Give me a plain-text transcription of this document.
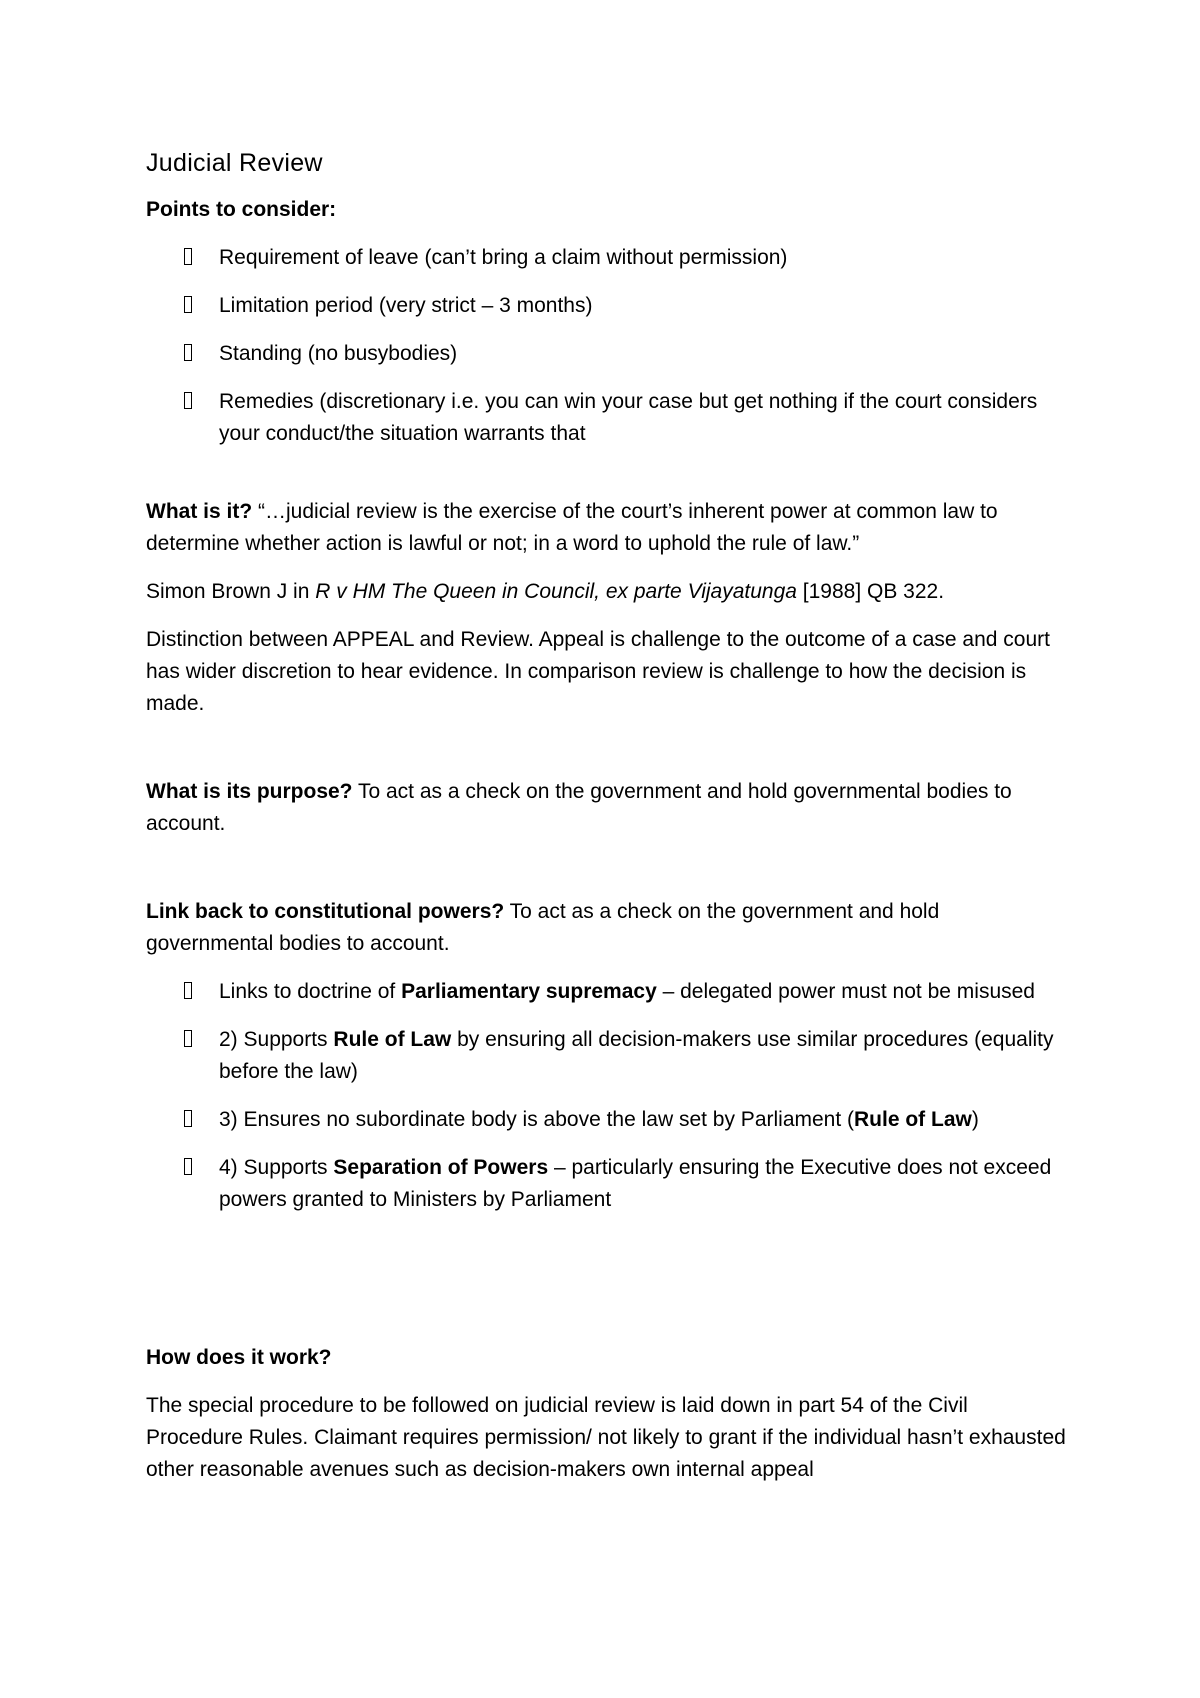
Judicial Review

Points to consider:

Requirement of leave (can’t bring a claim without permission)
Limitation period (very strict – 3 months)
Standing (no busybodies)
Remedies (discretionary i.e. you can win your case but get nothing if the court considers your conduct/the situation warrants that

What is it? “…judicial review is the exercise of the court’s inherent power at common law to determine whether action is lawful or not; in a word to uphold the rule of law.”

Simon Brown J in R v HM The Queen in Council, ex parte Vijayatunga [1988] QB 322.

Distinction between APPEAL and Review. Appeal is challenge to the outcome of a case and court has wider discretion to hear evidence. In comparison review is challenge to how the decision is made.

What is its purpose? To act as a check on the government and hold governmental bodies to account.

Link back to constitutional powers? To act as a check on the government and hold governmental bodies to account.

Links to doctrine of Parliamentary supremacy – delegated power must not be misused
2) Supports Rule of Law by ensuring all decision-makers use similar procedures (equality before the law)
3) Ensures no subordinate body is above the law set by Parliament (Rule of Law)
4) Supports Separation of Powers – particularly ensuring the Executive does not exceed powers granted to Ministers by Parliament

How does it work?

The special procedure to be followed on judicial review is laid down in part 54 of the Civil Procedure Rules. Claimant requires permission/ not likely to grant if the individual hasn’t exhausted other reasonable avenues such as decision-makers own internal appeal
